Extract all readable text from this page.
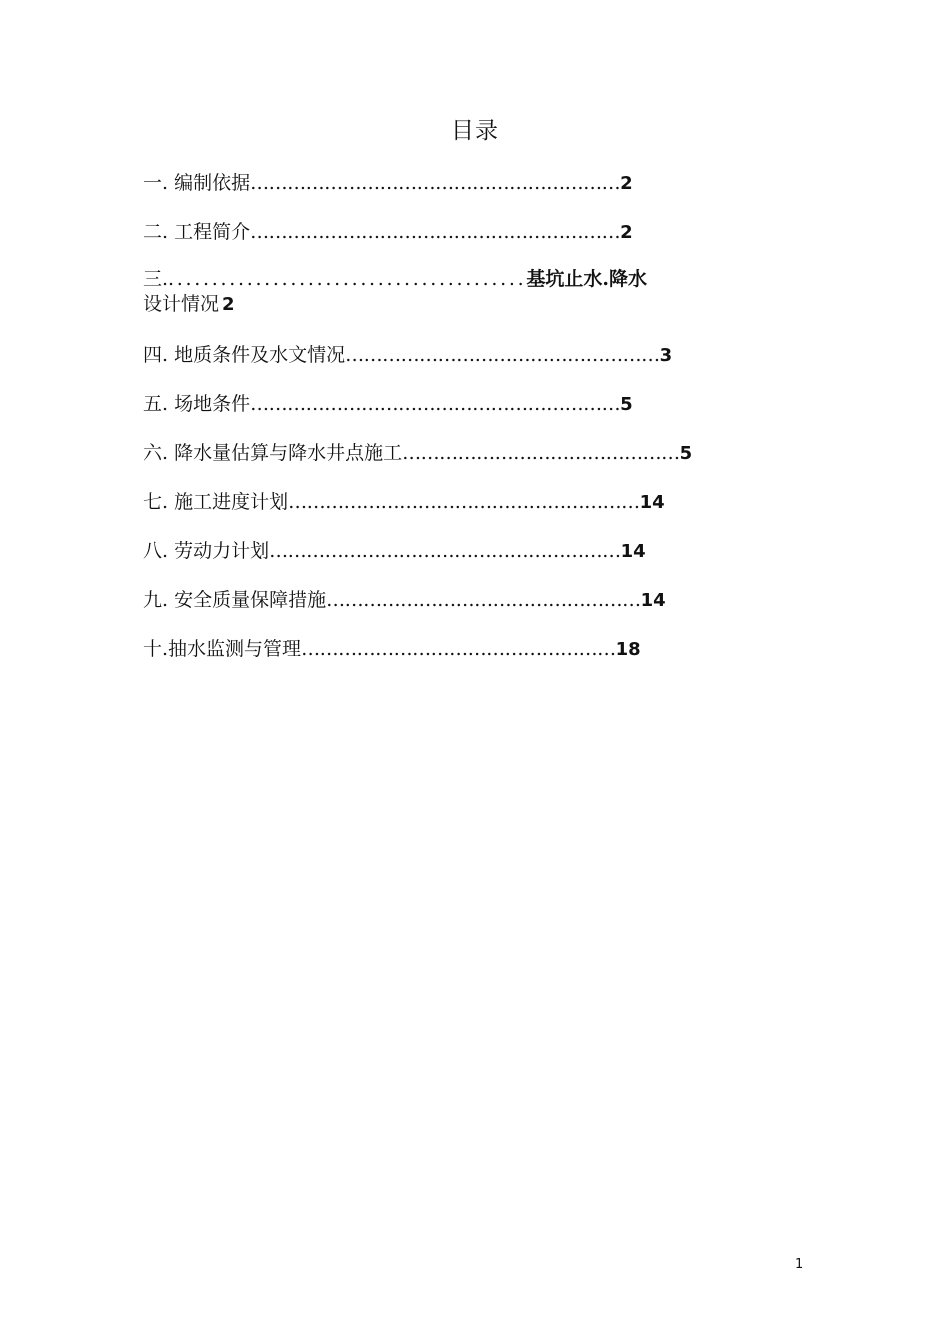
目录
一. 编制依据……………………………………………………2
二. 工程简介……………………………………………………2
三..........................................基坑止水.降水
设计情况 2
四. 地质条件及水文情况……………………………………………3
五. 场地条件……………………………………………………5
六. 降水量估算与降水井点施工………………………………………5
七. 施工进度计划…………………………………………………14
八. 劳动力计划…………………………………………………14
九. 安全质量保障措施……………………………………………14
十.抽水监测与管理……………………………………………18
1
